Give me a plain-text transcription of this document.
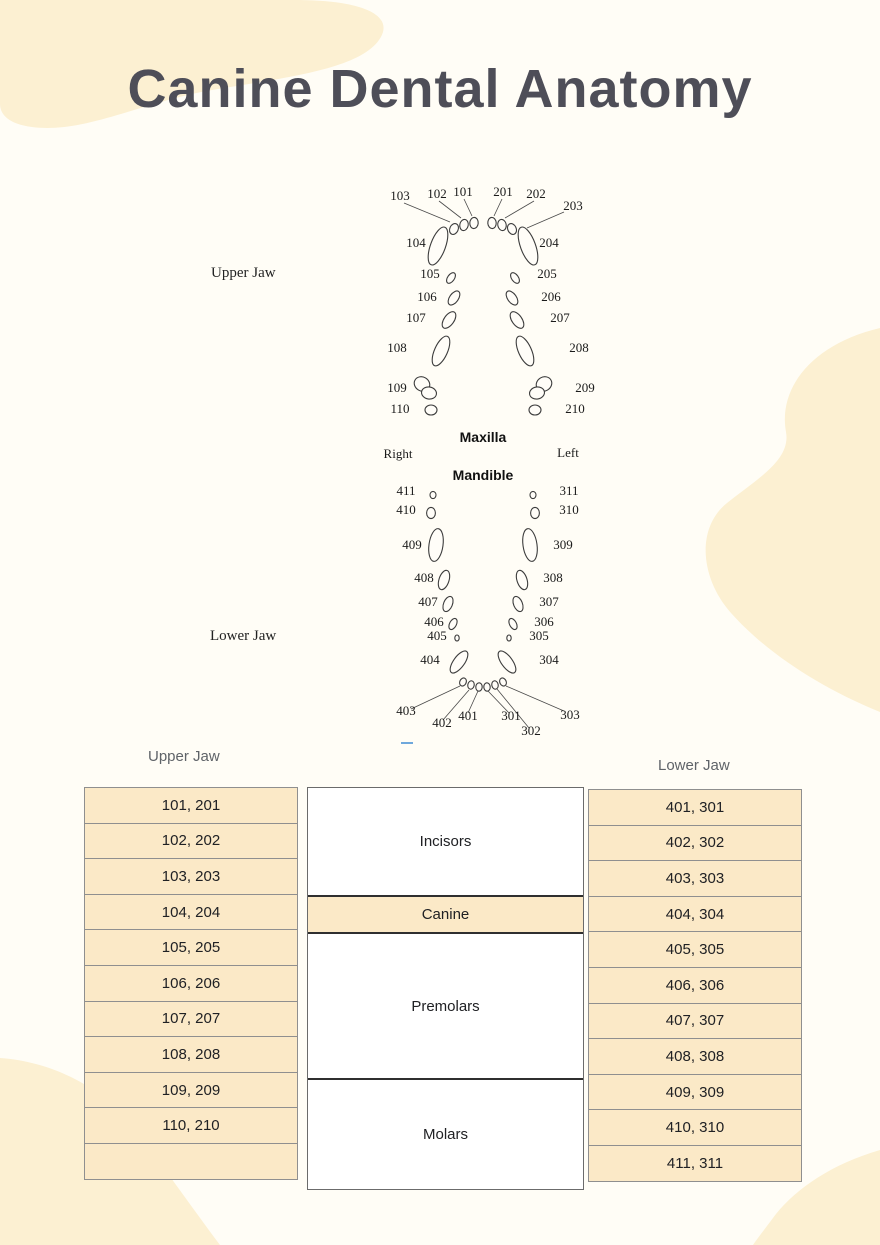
Canine Dental Anatomy
Upper Jaw
Lower Jaw
Maxilla
Right	Left
Mandible
103 102 101 201 202
203
104	204
105	205
106	206
107	207
108	208
109	209
110	210
411	311
410	310
409	309
408	308
407	307
406	306
405	305
404	304
403
402 401 301
302
303
Upper Jaw
Lower Jaw
101, 201
102, 202
103, 203
104, 204
105, 205
106, 206
107, 207
108, 208
109, 209
110, 210
Incisors
Canine
Premolars
Molars
401, 301
402, 302
403, 303
404, 304
405, 305
406, 306
407, 307
408, 308
409, 309
410, 310
411, 311
